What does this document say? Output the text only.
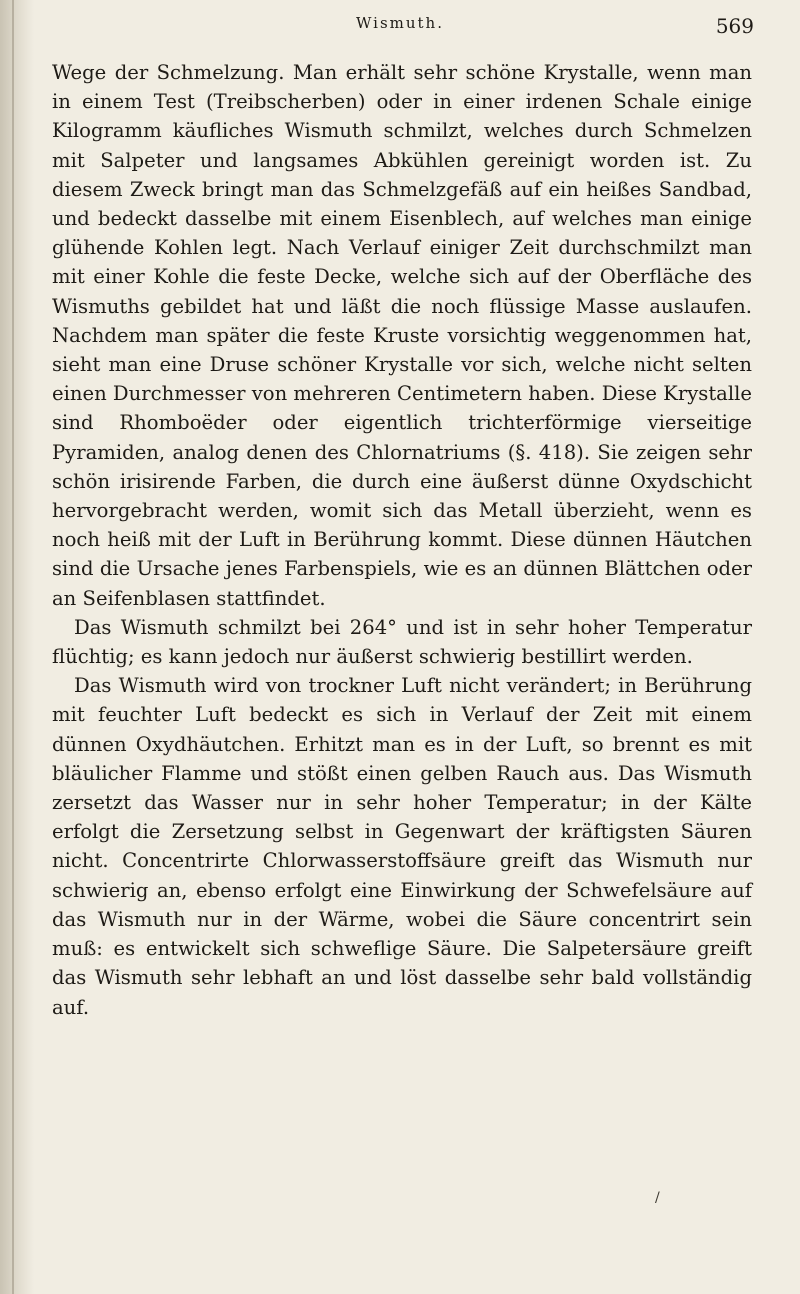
Wismuth.	569

Wege der Schmelzung. Man erhält sehr schöne Krystalle, wenn man in einem Test (Treibscherben) oder in einer irdenen Schale einige Kilogramm käufliches Wismuth schmilzt, welches durch Schmelzen mit Salpeter und langsames Abkühlen gereinigt worden ist. Zu diesem Zweck bringt man das Schmelzgefäß auf ein heißes Sandbad, und bedeckt dasselbe mit einem Eisenblech, auf welches man einige glühende Kohlen legt. Nach Verlauf einiger Zeit durchschmilzt man mit einer Kohle die feste Decke, welche sich auf der Oberfläche des Wismuths gebildet hat und läßt die noch flüssige Masse auslaufen. Nachdem man später die feste Kruste vorsichtig weggenommen hat, sieht man eine Druse schöner Krystalle vor sich, welche nicht selten einen Durchmesser von mehreren Centimetern haben. Diese Krystalle sind Rhomboëder oder eigentlich trichterförmige vierseitige Pyramiden, analog denen des Chlornatriums (§. 418). Sie zeigen sehr schön irisirende Farben, die durch eine äußerst dünne Oxydschicht hervorgebracht werden, womit sich das Metall überzieht, wenn es noch heiß mit der Luft in Berührung kommt. Diese dünnen Häutchen sind die Ursache jenes Farbenspiels, wie es an dünnen Blättchen oder an Seifenblasen stattfindet.

Das Wismuth schmilzt bei 264° und ist in sehr hoher Temperatur flüchtig; es kann jedoch nur äußerst schwierig bestillirt werden.

Das Wismuth wird von trockner Luft nicht verändert; in Berührung mit feuchter Luft bedeckt es sich in Verlauf der Zeit mit einem dünnen Oxydhäutchen. Erhitzt man es in der Luft, so brennt es mit bläulicher Flamme und stößt einen gelben Rauch aus. Das Wismuth zersetzt das Wasser nur in sehr hoher Temperatur; in der Kälte erfolgt die Zersetzung selbst in Gegenwart der kräftigsten Säuren nicht. Concentrirte Chlorwasserstoffsäure greift das Wismuth nur schwierig an, ebenso erfolgt eine Einwirkung der Schwefelsäure auf das Wismuth nur in der Wärme, wobei die Säure concentrirt sein muß: es entwickelt sich schweflige Säure. Die Salpetersäure greift das Wismuth sehr lebhaft an und löst dasselbe sehr bald vollständig auf.

/
